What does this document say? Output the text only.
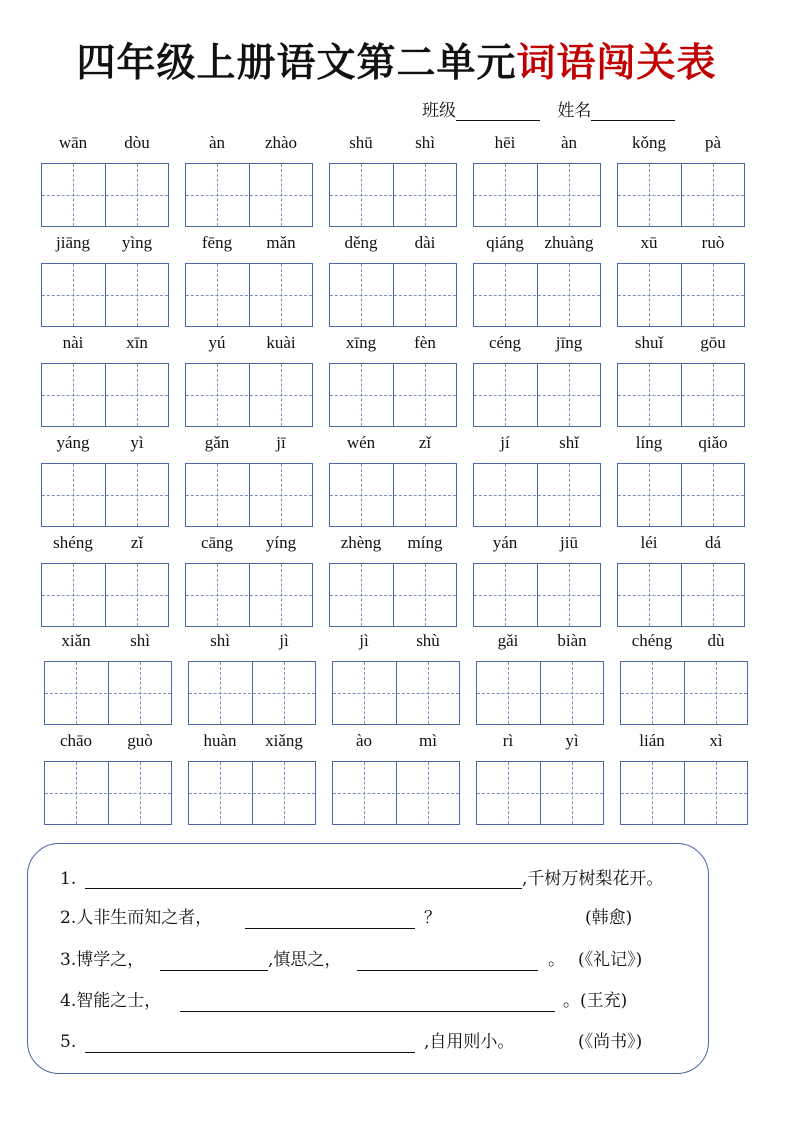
四年级上册语文第二单元词语闯关表
班级	姓名
wān	dòu	àn	zhào	shū	shì	hēi	àn	kǒng	pà
jiāng	yìng	fēng	mǎn	děng	dài	qiáng	zhuàng	xū	ruò
nài	xīn	yú	kuài	xīng	fèn	céng	jīng	shuǐ	gōu
yáng	yì	gǎn	jī	wén	zǐ	jí	shǐ	líng	qiǎo
shéng	zǐ	cāng	yíng	zhèng	míng	yán	jiū	léi	dá
xiǎn	shì	shì	jì	jì	shù	gǎi	biàn	chéng	dù
chāo	guò	huàn	xiǎng	ào	mì	rì	yì	lián	xì
1.	,千树万树梨花开。
2.人非生而知之者，	？	(韩愈)
3.博学之，	,慎思之，	。 (《礼记》)
4.智能之士，	。(王充)
5.	,自用则小。	(《尚书》)
